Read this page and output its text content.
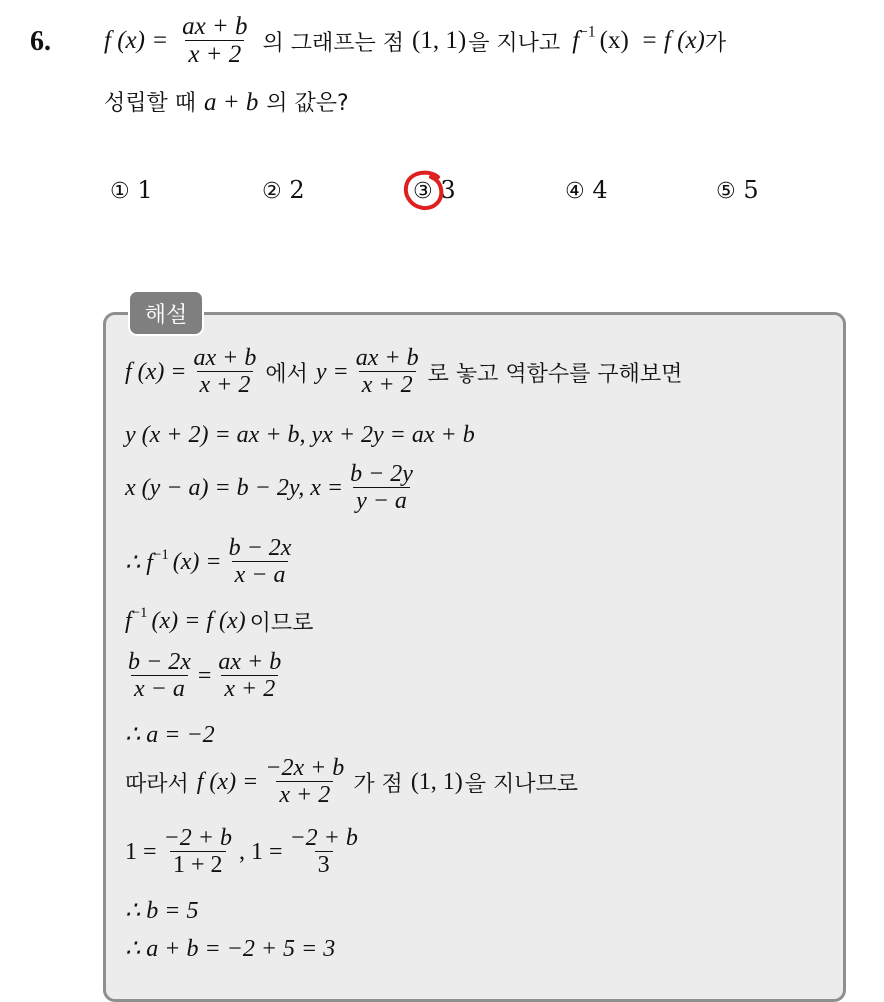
6. f $(x) = \frac{ax + b}{x + 2}$ 의 그래프는 점 (1, 1) 을 지나고 $f^{-1}$ (x) = f (x) 가
성립할 때 a + b 의 값은?
① 1	② 2	③ 3	④ 4	⑤ 5
해설
f $(x) = \frac{ax + b}{x + 2}$ 에서 $y = \frac{ax + b}{x + 2}$ 로 놓고 역함수를 구해보면
y (x + 2) = ax + b, yx + 2y = ax + b
x (y − a) = b − 2y, $x = \frac{b - 2y}{y - a}$
∴ $f^{-1}$ $(x) = \frac{b - 2x}{x - a}$
$f^{-1}$ (x) = f (x) 이므로
$\frac{b - 2x}{x - a} = \frac{ax + b}{x + 2}$
∴ a = −2
따라서 f $(x) = \frac{-2x + b}{x + 2}$ 가 점 (1, 1) 을 지나므로
$1 = \frac{-2 + b}{1 + 2}$ , $1 = \frac{-2 + b}{3}$
∴ b = 5
∴ a + b = −2 + 5 = 3
